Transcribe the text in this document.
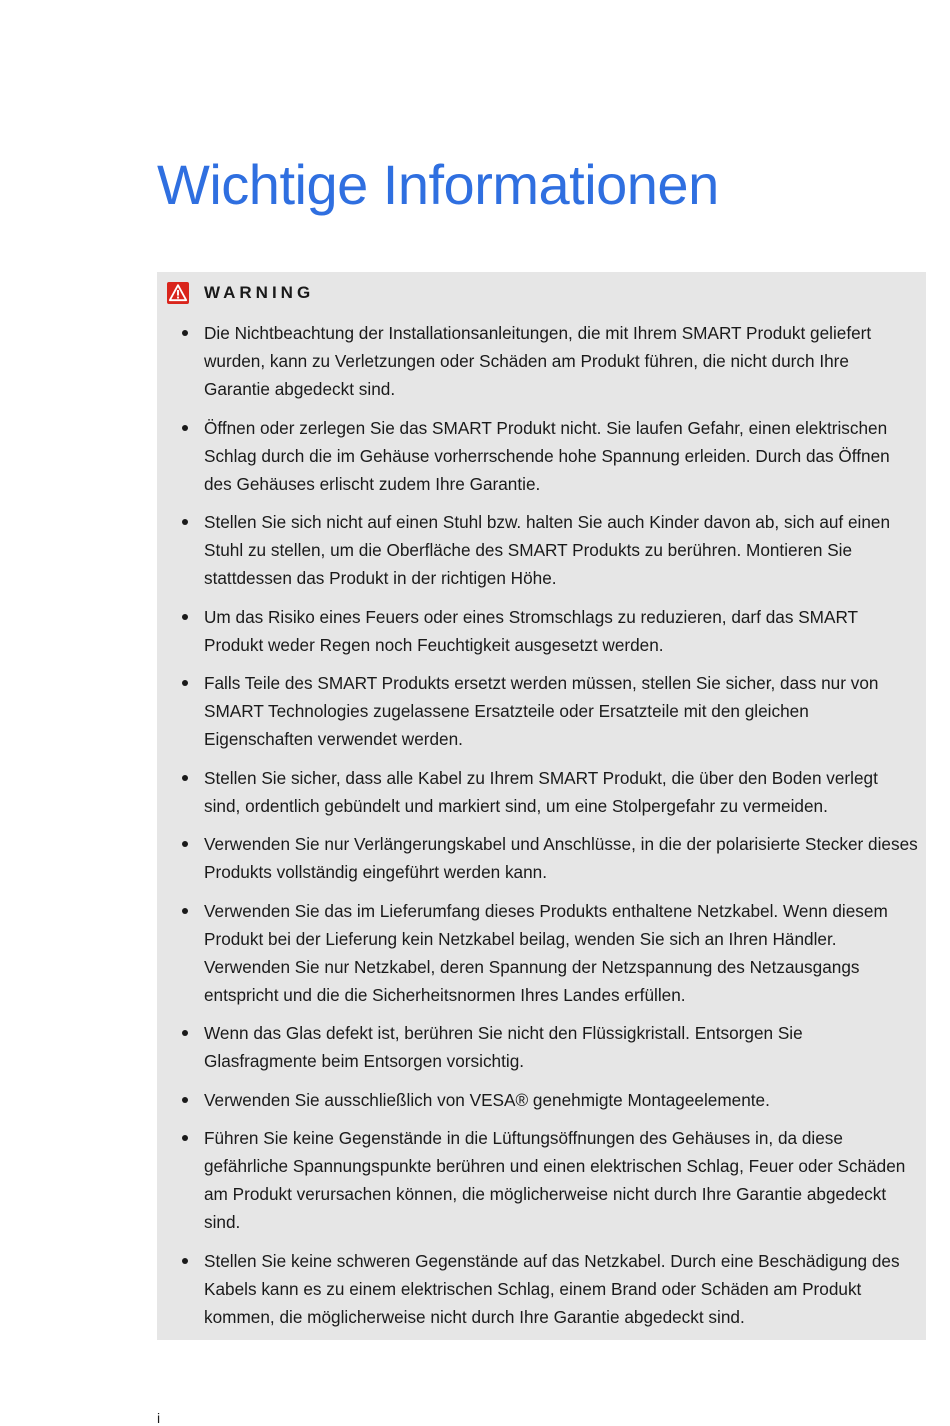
Wichtige Informationen
WARNING
Die Nichtbeachtung der Installationsanleitungen, die mit Ihrem SMART Produkt geliefert wurden, kann zu Verletzungen oder Schäden am Produkt führen, die nicht durch Ihre Garantie abgedeckt sind.
Öffnen oder zerlegen Sie das SMART Produkt nicht. Sie laufen Gefahr, einen elektrischen Schlag durch die im Gehäuse vorherrschende hohe Spannung erleiden. Durch das Öffnen des Gehäuses erlischt zudem Ihre Garantie.
Stellen Sie sich nicht auf einen Stuhl bzw. halten Sie auch Kinder davon ab, sich auf einen Stuhl zu stellen, um die Oberfläche des SMART Produkts zu berühren. Montieren Sie stattdessen das Produkt in der richtigen Höhe.
Um das Risiko eines Feuers oder eines Stromschlags zu reduzieren, darf das SMART Produkt weder Regen noch Feuchtigkeit ausgesetzt werden.
Falls Teile des SMART Produkts ersetzt werden müssen, stellen Sie sicher, dass nur von SMART Technologies zugelassene Ersatzteile oder Ersatzteile mit den gleichen Eigenschaften verwendet werden.
Stellen Sie sicher, dass alle Kabel zu Ihrem SMART Produkt, die über den Boden verlegt sind, ordentlich gebündelt und markiert sind, um eine Stolpergefahr zu vermeiden.
Verwenden Sie nur Verlängerungskabel und Anschlüsse, in die der polarisierte Stecker dieses Produkts vollständig eingeführt werden kann.
Verwenden Sie das im Lieferumfang dieses Produkts enthaltene Netzkabel. Wenn diesem Produkt bei der Lieferung kein Netzkabel beilag, wenden Sie sich an Ihren Händler. Verwenden Sie nur Netzkabel, deren Spannung der Netzspannung des Netzausgangs entspricht und die die Sicherheitsnormen Ihres Landes erfüllen.
Wenn das Glas defekt ist, berühren Sie nicht den Flüssigkristall. Entsorgen Sie Glasfragmente beim Entsorgen vorsichtig.
Verwenden Sie ausschließlich von VESA® genehmigte Montageelemente.
Führen Sie keine Gegenstände in die Lüftungsöffnungen des Gehäuses in, da diese gefährliche Spannungspunkte berühren und einen elektrischen Schlag, Feuer oder Schäden am Produkt verursachen können, die möglicherweise nicht durch Ihre Garantie abgedeckt sind.
Stellen Sie keine schweren Gegenstände auf das Netzkabel. Durch eine Beschädigung des Kabels kann es zu einem elektrischen Schlag, einem Brand oder Schäden am Produkt kommen, die möglicherweise nicht durch Ihre Garantie abgedeckt sind.
i
